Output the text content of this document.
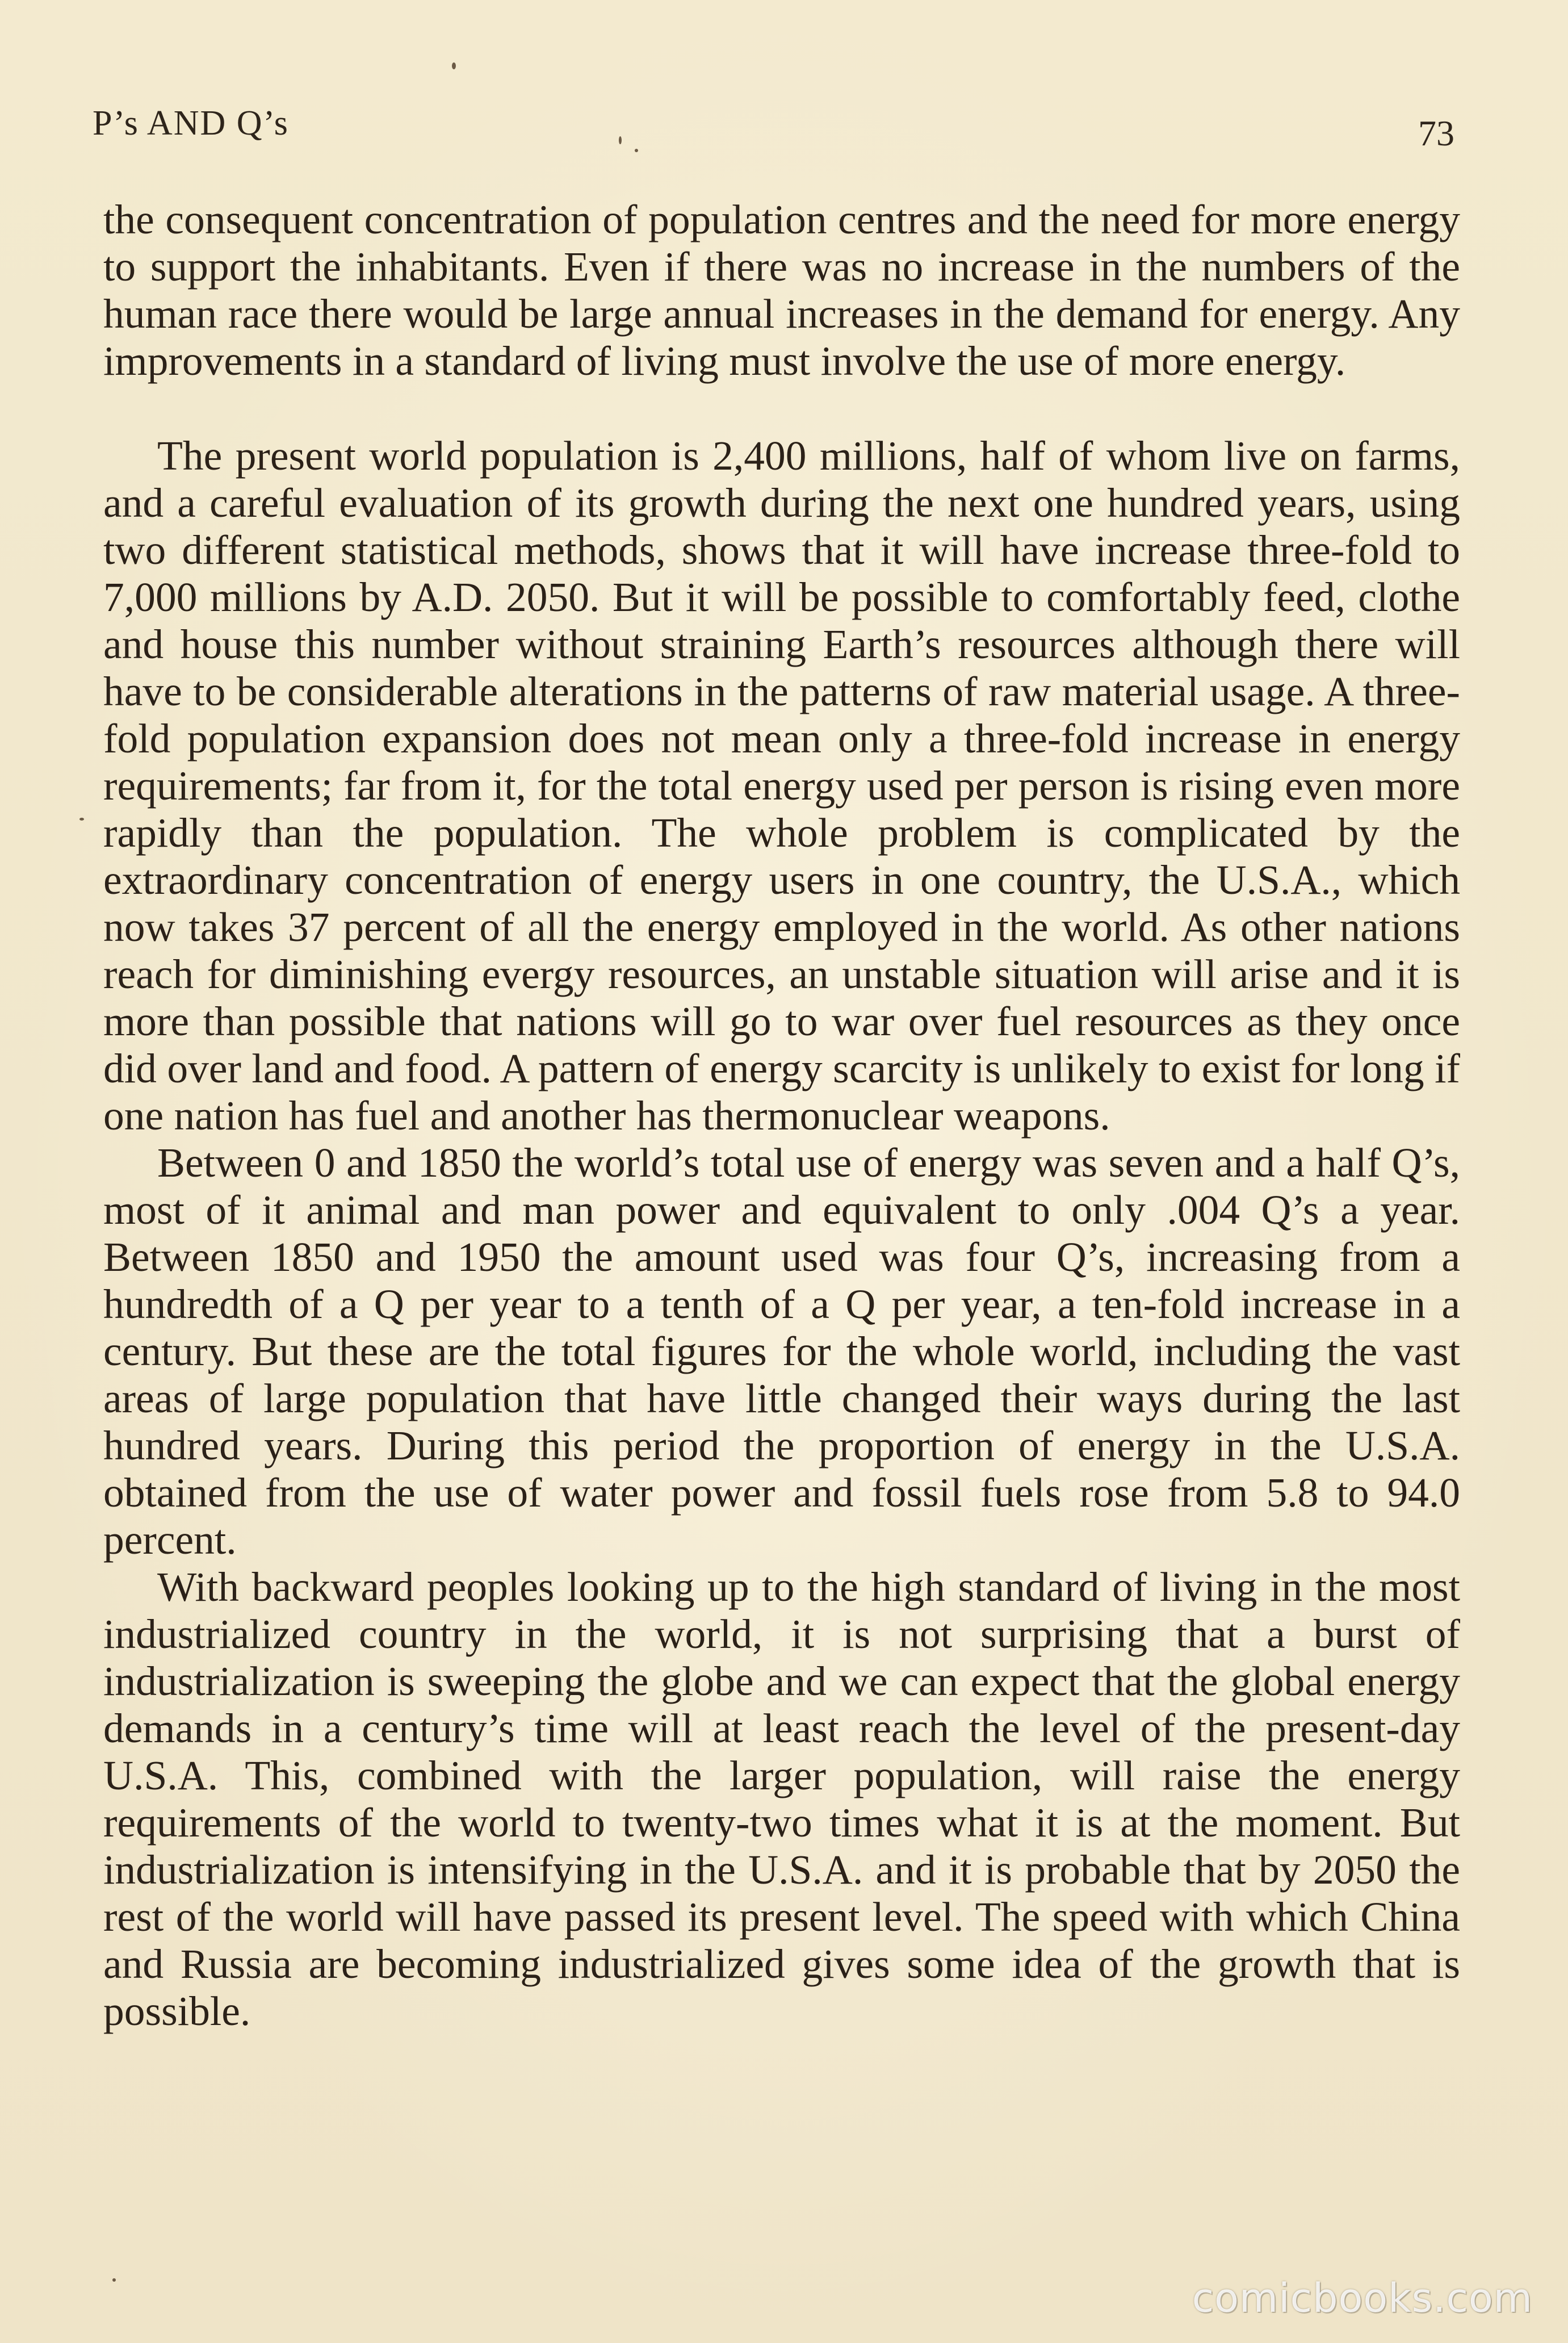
P’s AND Q’s	73

the consequent concentration of population centres and the need for more energy to support the inhabitants. Even if there was no increase in the numbers of the human race there would be large annual increases in the demand for energy. Any improvements in a standard of living must involve the use of more energy.

The present world population is 2,400 millions, half of whom live on farms, and a careful evaluation of its growth during the next one hundred years, using two different statistical methods, shows that it will have increase three-fold to 7,000 millions by A.D. 2050. But it will be possible to comfortably feed, clothe and house this number without straining Earth’s resources although there will have to be considerable alterations in the patterns of raw material usage. A three-fold population expansion does not mean only a three-fold increase in energy requirements; far from it, for the total energy used per person is rising even more rapidly than the population. The whole problem is complicated by the extraordinary concentration of energy users in one country, the U.S.A., which now takes 37 percent of all the energy employed in the world. As other nations reach for diminishing evergy resources, an unstable situation will arise and it is more than possible that nations will go to war over fuel resources as they once did over land and food. A pattern of energy scarcity is unlikely to exist for long if one nation has fuel and another has thermonuclear weapons.

Between 0 and 1850 the world’s total use of energy was seven and a half Q’s, most of it animal and man power and equivalent to only .004 Q’s a year. Between 1850 and 1950 the amount used was four Q’s, increasing from a hundredth of a Q per year to a tenth of a Q per year, a ten-fold increase in a century. But these are the total figures for the whole world, including the vast areas of large population that have little changed their ways during the last hundred years. During this period the proportion of energy in the U.S.A. obtained from the use of water power and fossil fuels rose from 5.8 to 94.0 percent.

With backward peoples looking up to the high standard of living in the most industrialized country in the world, it is not surprising that a burst of industrialization is sweeping the globe and we can expect that the global energy demands in a century’s time will at least reach the level of the present-day U.S.A. This, combined with the larger population, will raise the energy requirements of the world to twenty-two times what it is at the moment. But industrialization is intensifying in the U.S.A. and it is probable that by 2050 the rest of the world will have passed its present level. The speed with which China and Russia are becoming industrialized gives some idea of the growth that is possible.

comicbooks.com
